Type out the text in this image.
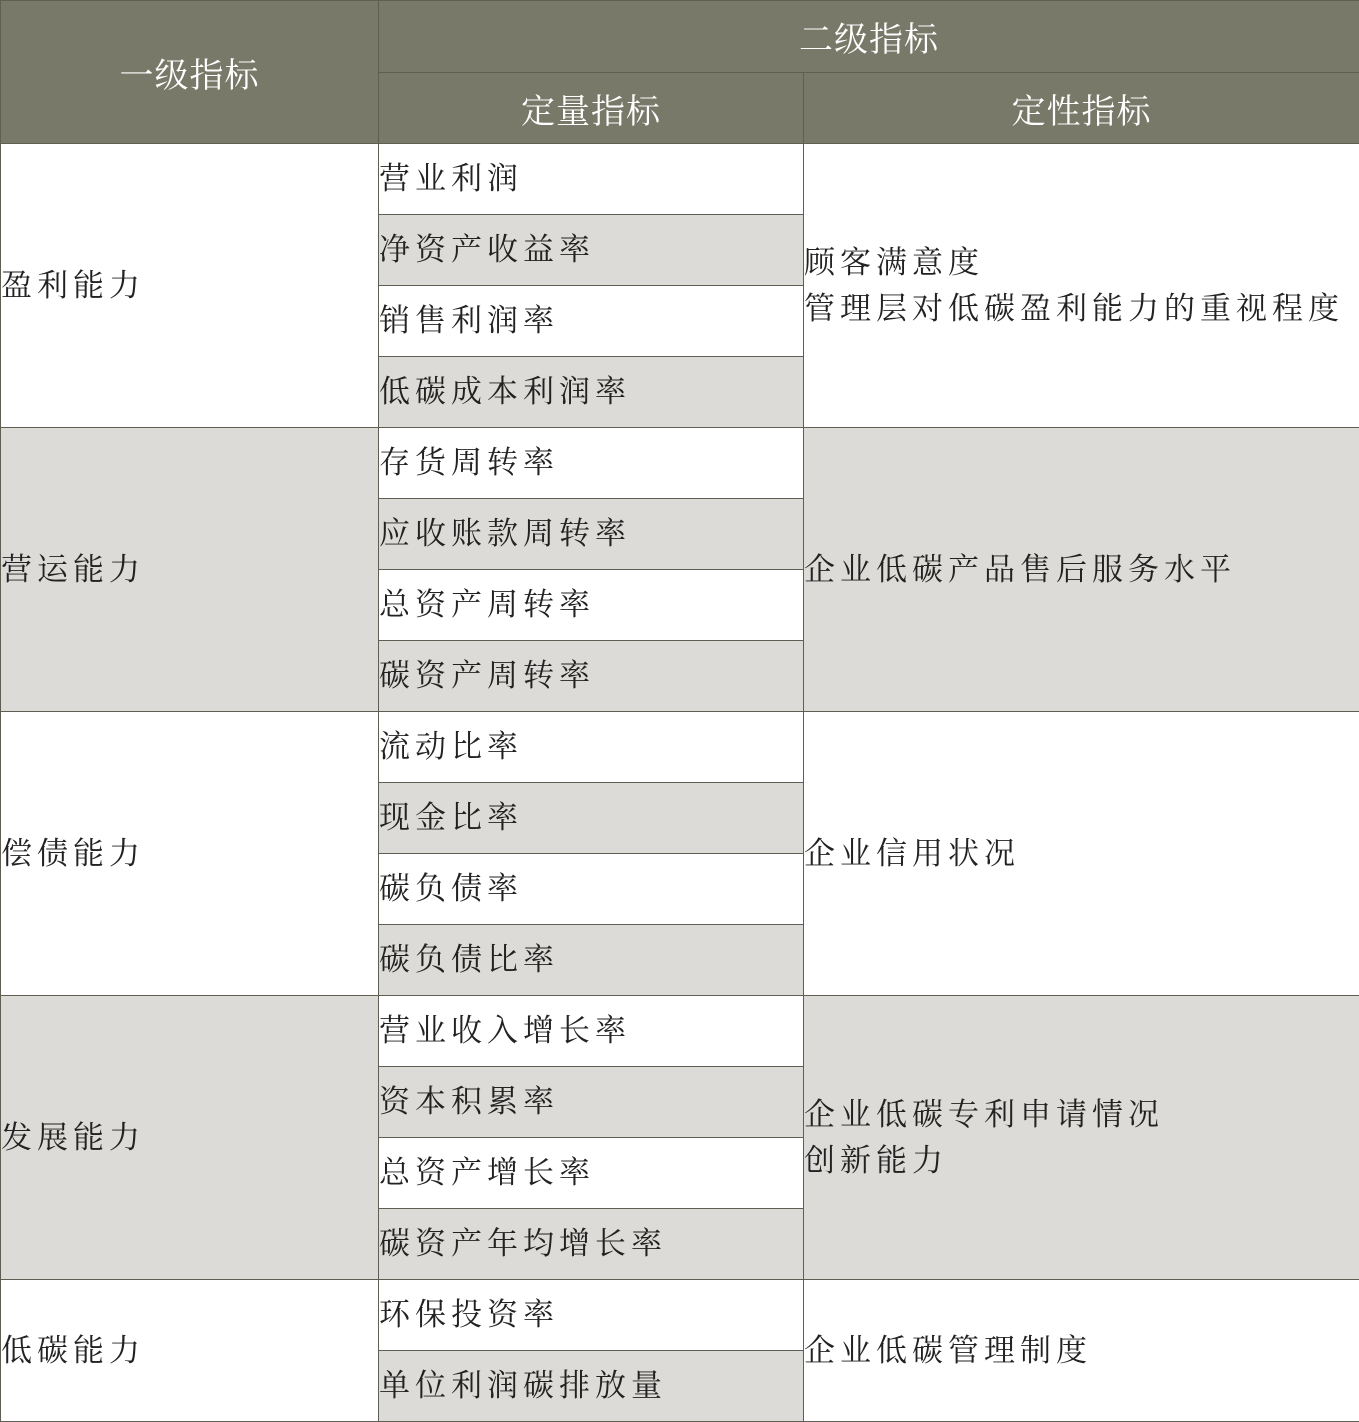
一级指标	二级指标	
	定量指标	定性指标
盈利能力	营业利润	顾客满意度
管理层对低碳盈利能力的重视程度

	净资产收益率	
	销售利润率	
	低碳成本利润率	
营运能力	存货周转率	企业低碳产品售后服务水平

	应收账款周转率	
	总资产周转率	
	碳资产周转率	
偿债能力	流动比率	企业信用状况

	现金比率	
	碳负债率	
	碳负债比率	
发展能力	营业收入增长率	企业低碳专利申请情况
创新能力

	资本积累率	
	总资产增长率	
	碳资产年均增长率	
低碳能力	环保投资率	企业低碳管理制度

	单位利润碳排放量	
